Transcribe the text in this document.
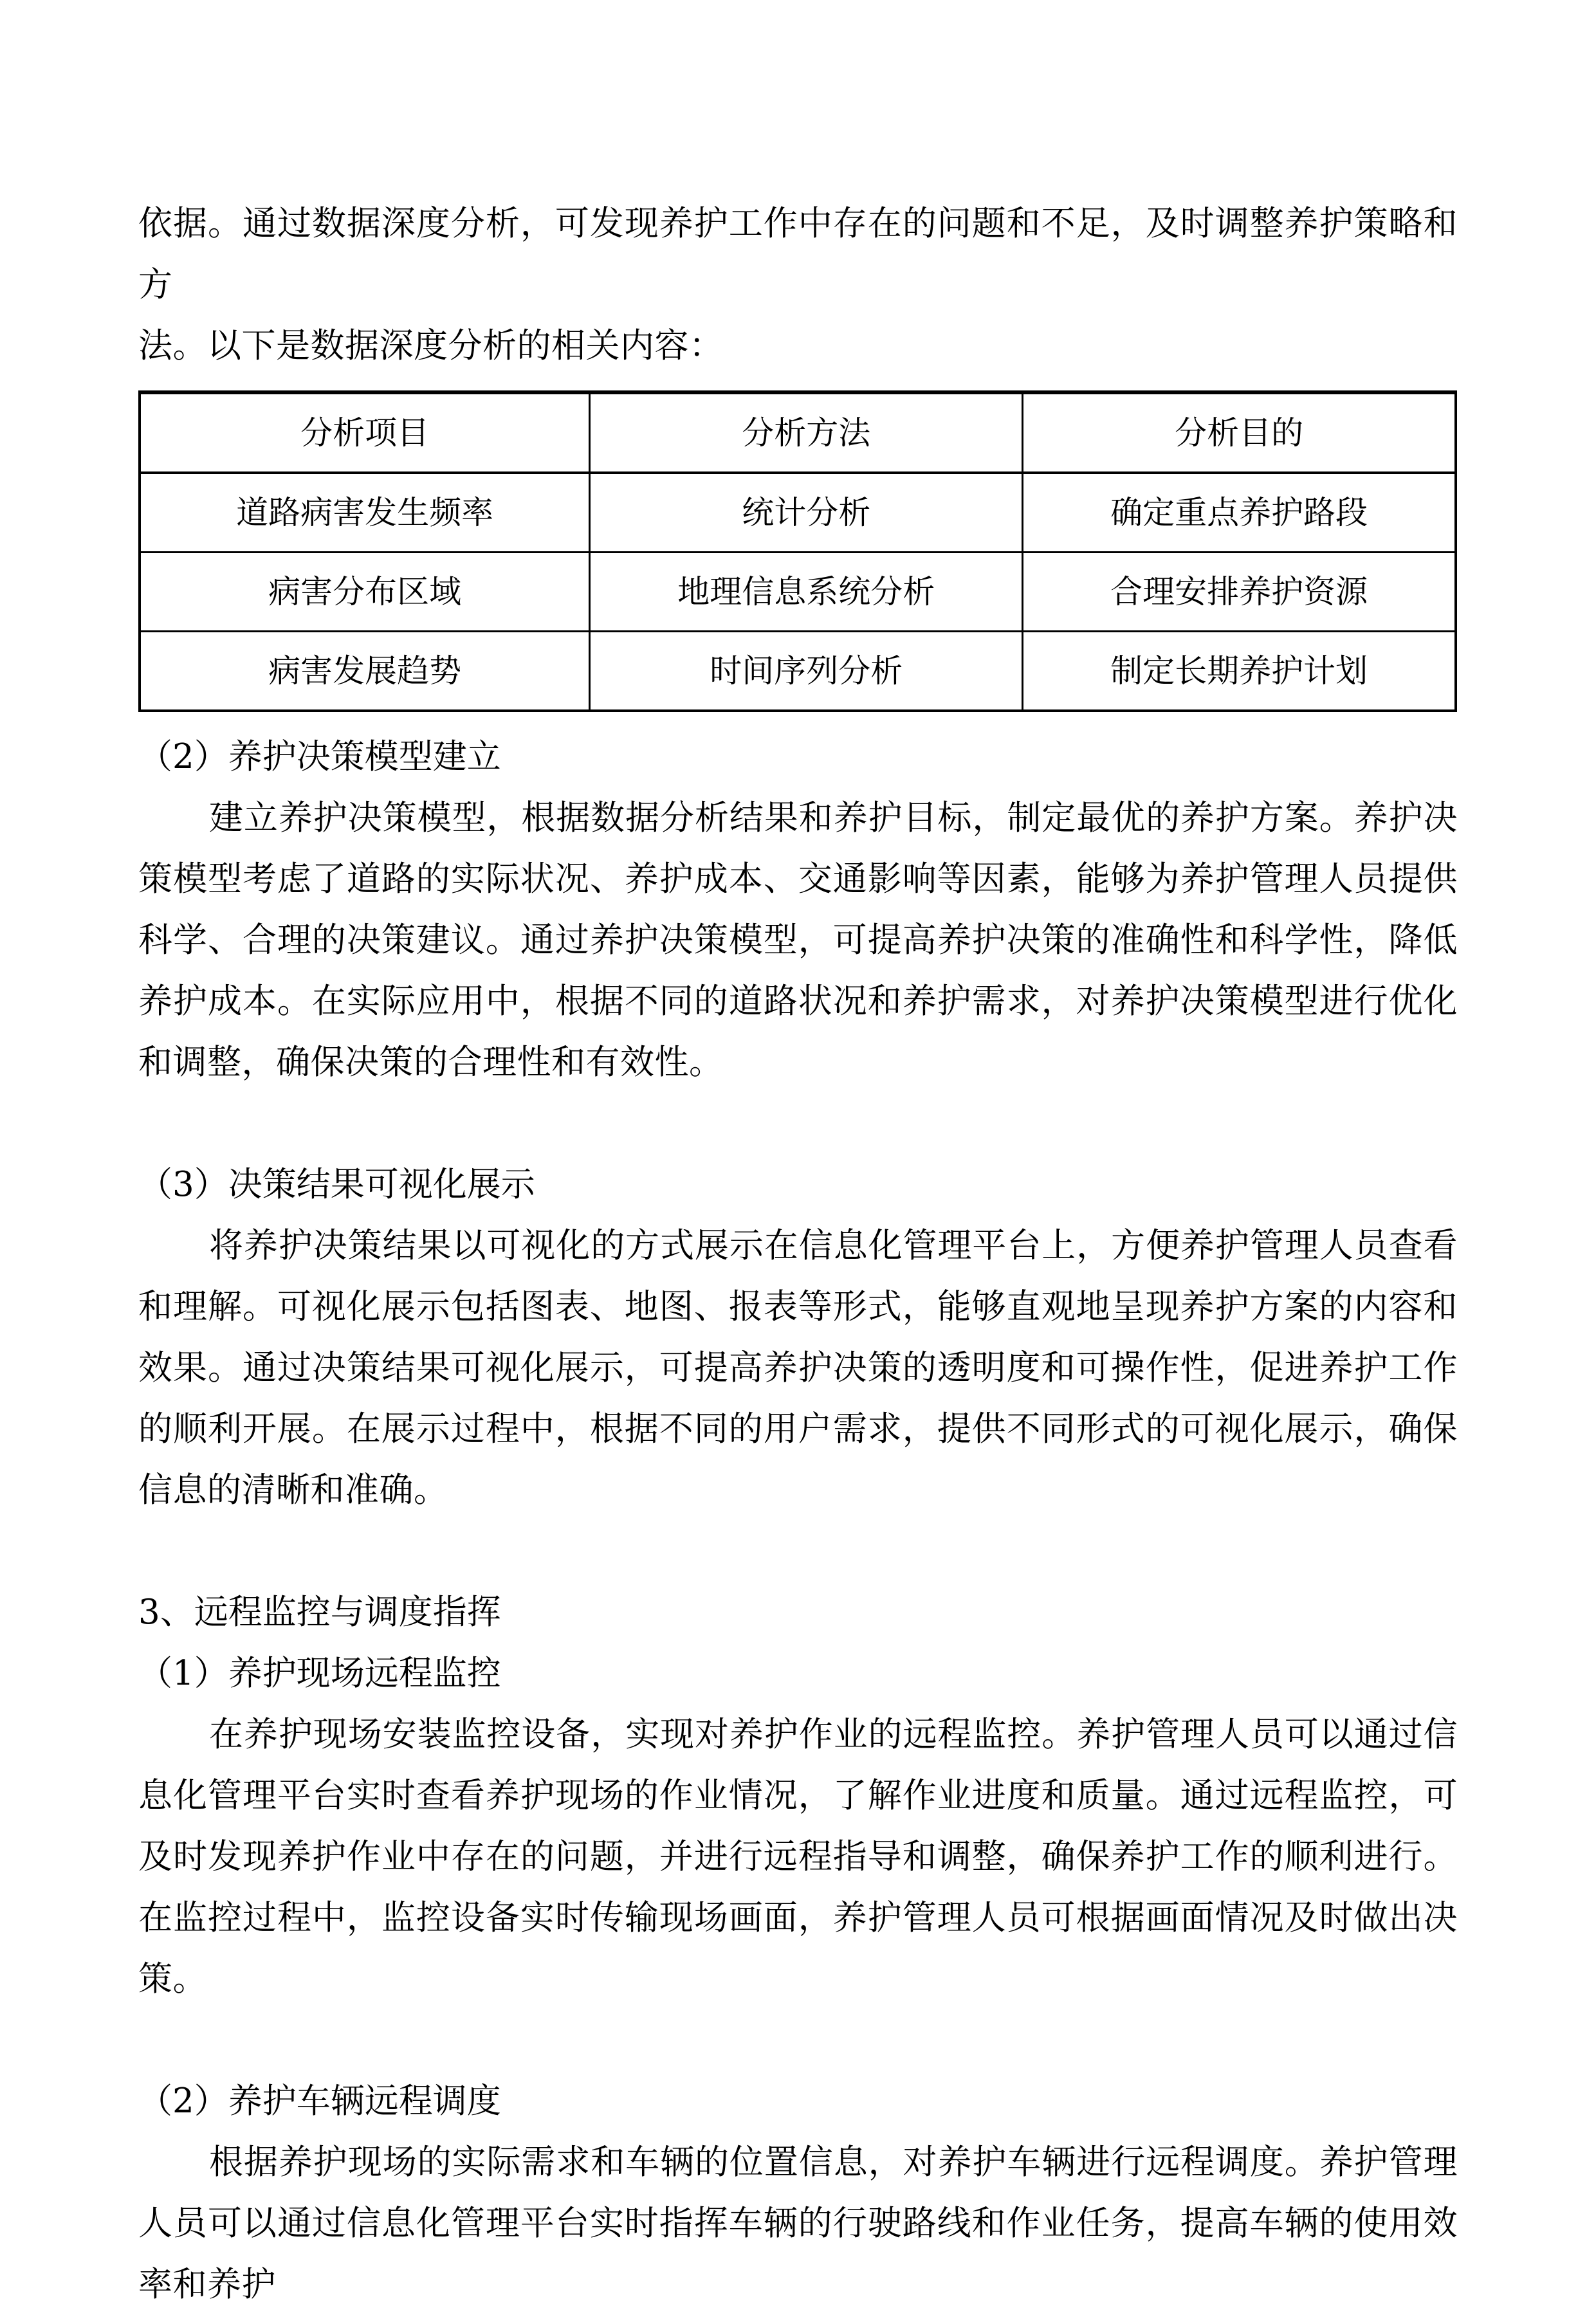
依据。通过数据深度分析，可发现养护工作中存在的问题和不足，及时调整养护策略和方

法。以下是数据深度分析的相关内容：

分析项目	分析方法	分析目的
道路病害发生频率	统计分析	确定重点养护路段
病害分布区域	地理信息系统分析	合理安排养护资源
病害发展趋势	时间序列分析	制定长期养护计划

（2）养护决策模型建立

建立养护决策模型，根据数据分析结果和养护目标，制定最优的养护方案。养护决策模型考虑了道路的实际状况、养护成本、交通影响等因素，能够为养护管理人员提供科学、合理的决策建议。通过养护决策模型，可提高养护决策的准确性和科学性，降低养护成本。在实际应用中，根据不同的道路状况和养护需求，对养护决策模型进行优化和调整，确保决策的合理性和有效性。

（3）决策结果可视化展示

将养护决策结果以可视化的方式展示在信息化管理平台上，方便养护管理人员查看和理解。可视化展示包括图表、地图、报表等形式，能够直观地呈现养护方案的内容和效果。通过决策结果可视化展示，可提高养护决策的透明度和可操作性，促进养护工作的顺利开展。在展示过程中，根据不同的用户需求，提供不同形式的可视化展示，确保信息的清晰和准确。

3、远程监控与调度指挥

（1）养护现场远程监控

在养护现场安装监控设备，实现对养护作业的远程监控。养护管理人员可以通过信息化管理平台实时查看养护现场的作业情况，了解作业进度和质量。通过远程监控，可及时发现养护作业中存在的问题，并进行远程指导和调整，确保养护工作的顺利进行。在监控过程中，监控设备实时传输现场画面，养护管理人员可根据画面情况及时做出决策。

（2）养护车辆远程调度

根据养护现场的实际需求和车辆的位置信息，对养护车辆进行远程调度。养护管理人员可以通过信息化管理平台实时指挥车辆的行驶路线和作业任务，提高车辆的使用效率和养护
